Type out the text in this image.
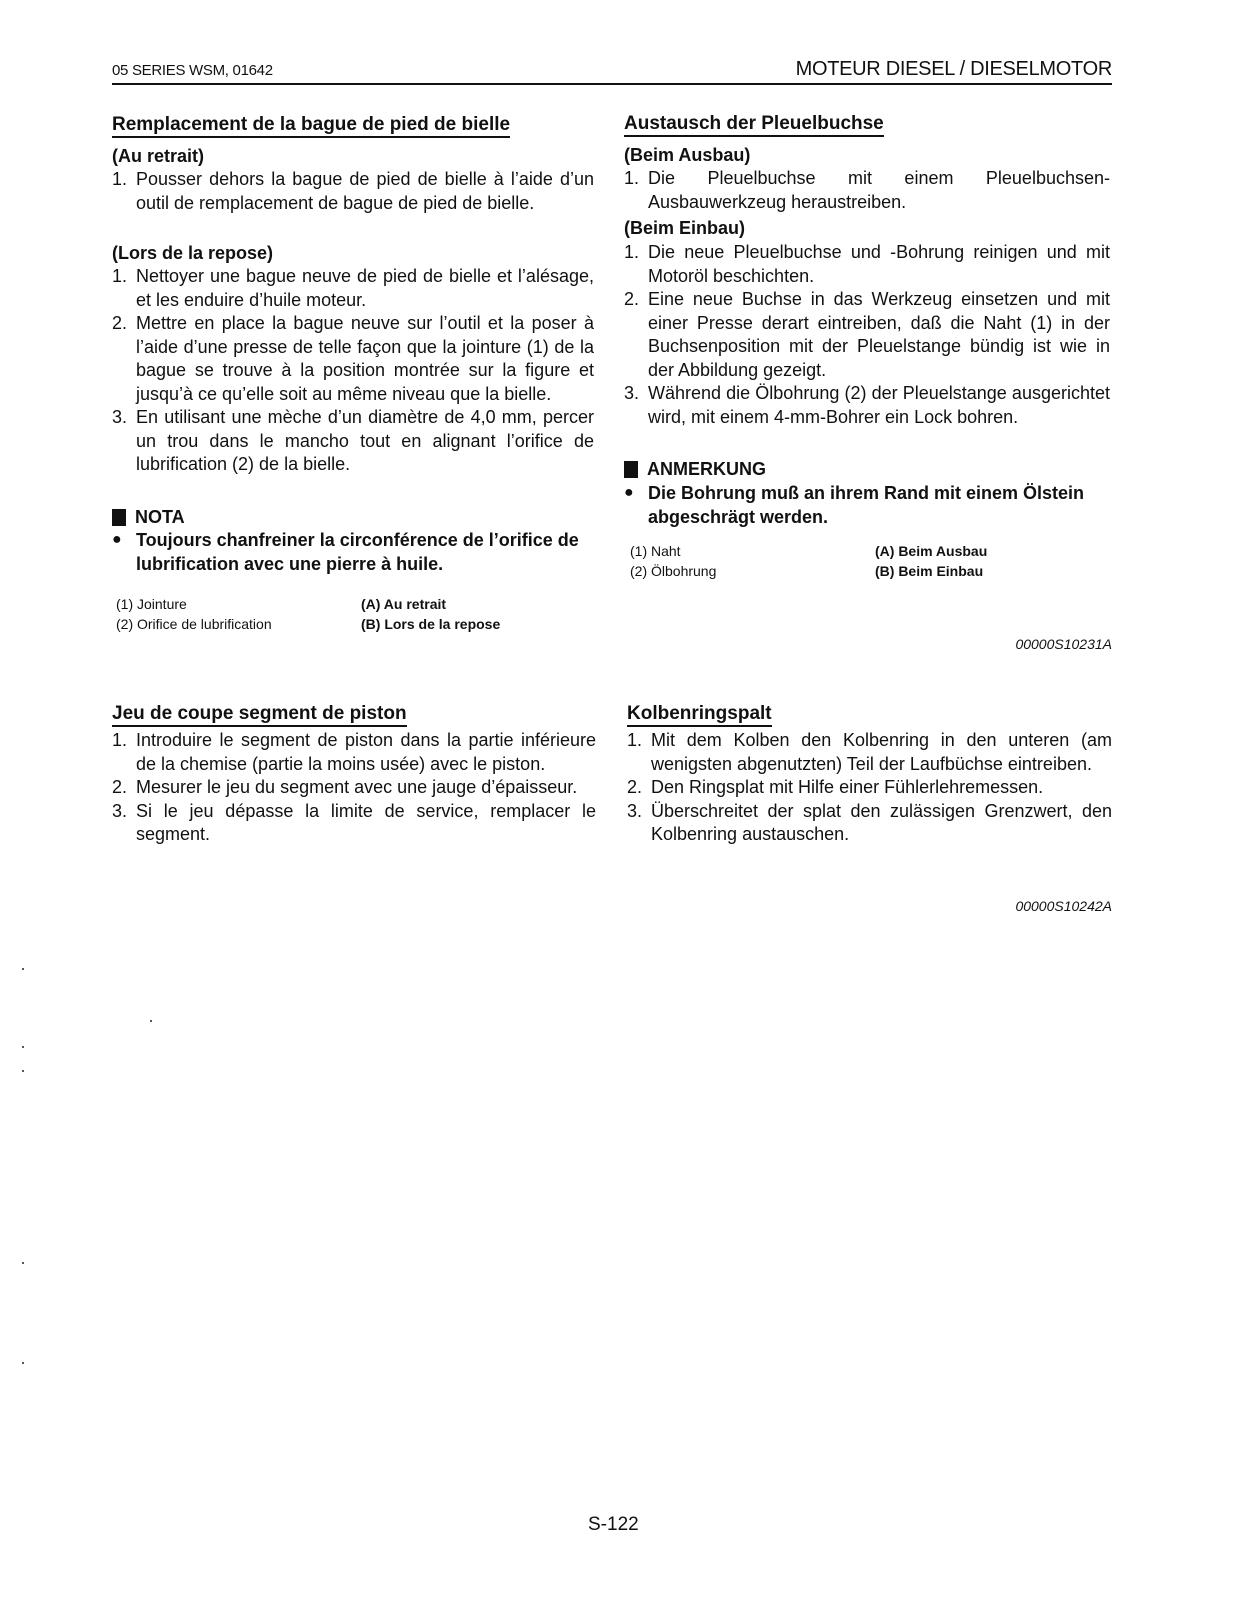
05 SERIES WSM, 01642	MOTEUR DIESEL / DIESELMOTOR
Remplacement de la bague de pied de bielle
(Au retrait)
1. Pousser dehors la bague de pied de bielle à l’aide d’un outil de remplacement de bague de pied de bielle.
(Lors de la repose)
1. Nettoyer une bague neuve de pied de bielle et l’alésage, et les enduire d’huile moteur.
2. Mettre en place la bague neuve sur l’outil et la poser à l’aide d’une presse de telle façon que la jointure (1) de la bague se trouve à la position montrée sur la figure et jusqu’à ce qu’elle soit au même niveau que la bielle.
3. En utilisant une mèche d’un diamètre de 4,0 mm, percer un trou dans le mancho tout en alignant l’orifice de lubrification (2) de la bielle.
NOTA
● Toujours chanfreiner la circonférence de l’orifice de lubrification avec une pierre à huile.
(1) Jointure	(A) Au retrait
(2) Orifice de lubrification	(B) Lors de la repose
Austausch der Pleuelbuchse
(Beim Ausbau)
1. Die Pleuelbuchse mit einem Pleuelbuchsen-Ausbauwerkzeug heraustreiben.
(Beim Einbau)
1. Die neue Pleuelbuchse und -Bohrung reinigen und mit Motoröl beschichten.
2. Eine neue Buchse in das Werkzeug einsetzen und mit einer Presse derart eintreiben, daß die Naht (1) in der Buchsenposition mit der Pleuelstange bündig ist wie in der Abbildung gezeigt.
3. Während die Ölbohrung (2) der Pleuelstange ausgerichtet wird, mit einem 4-mm-Bohrer ein Lock bohren.
ANMERKUNG
● Die Bohrung muß an ihrem Rand mit einem Ölstein abgeschrägt werden.
(1) Naht	(A) Beim Ausbau
(2) Ölbohrung	(B) Beim Einbau
00000S10231A
Jeu de coupe segment de piston
1. Introduire le segment de piston dans la partie inférieure de la chemise (partie la moins usée) avec le piston.
2. Mesurer le jeu du segment avec une jauge d’épaisseur.
3. Si le jeu dépasse la limite de service, remplacer le segment.
Kolbenringspalt
1. Mit dem Kolben den Kolbenring in den unteren (am wenigsten abgenutzten) Teil der Laufbüchse eintreiben.
2. Den Ringsplat mit Hilfe einer Fühlerlehremessen.
3. Überschreitet der splat den zulässigen Grenzwert, den Kolbenring austauschen.
00000S10242A
S-122
